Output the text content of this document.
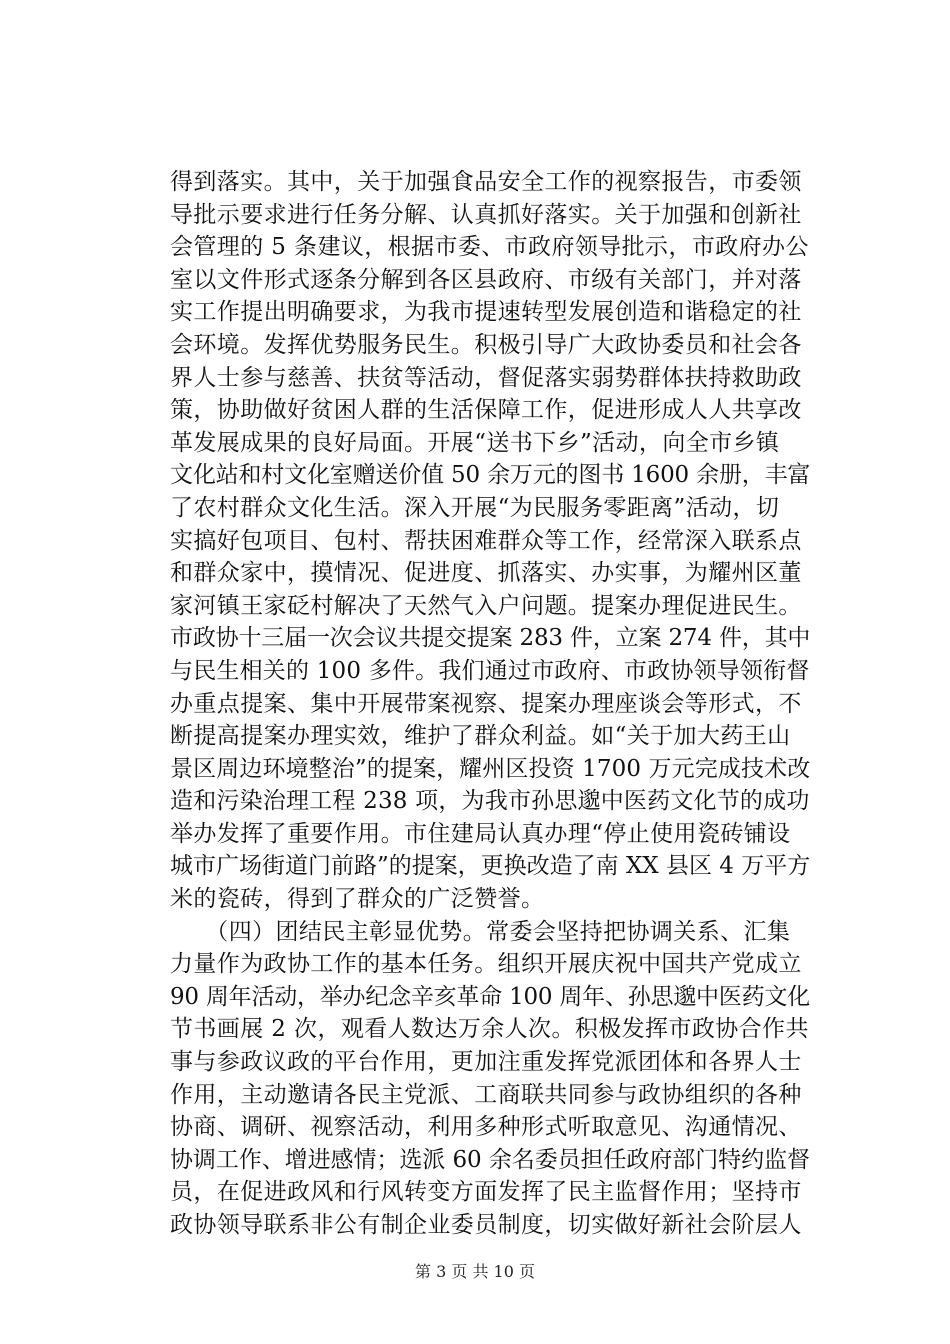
得到落实。其中，关于加强食品安全工作的视察报告，市委领
导批示要求进行任务分解、认真抓好落实。关于加强和创新社
会管理的 5 条建议，根据市委、市政府领导批示，市政府办公
室以文件形式逐条分解到各区县政府、市级有关部门，并对落
实工作提出明确要求，为我市提速转型发展创造和谐稳定的社
会环境。发挥优势服务民生。积极引导广大政协委员和社会各
界人士参与慈善、扶贫等活动，督促落实弱势群体扶持救助政
策，协助做好贫困人群的生活保障工作，促进形成人人共享改
革发展成果的良好局面。开展“送书下乡”活动，向全市乡镇
文化站和村文化室赠送价值 50 余万元的图书 1600 余册，丰富
了农村群众文化生活。深入开展“为民服务零距离”活动，切
实搞好包项目、包村、帮扶困难群众等工作，经常深入联系点
和群众家中，摸情况、促进度、抓落实、办实事，为耀州区董
家河镇王家砭村解决了天然气入户问题。提案办理促进民生。
市政协十三届一次会议共提交提案 283 件，立案 274 件，其中
与民生相关的 100 多件。我们通过市政府、市政协领导领衔督
办重点提案、集中开展带案视察、提案办理座谈会等形式，不
断提高提案办理实效，维护了群众利益。如“关于加大药王山
景区周边环境整治”的提案，耀州区投资 1700 万元完成技术改
造和污染治理工程 238 项，为我市孙思邈中医药文化节的成功
举办发挥了重要作用。市住建局认真办理“停止使用瓷砖铺设
城市广场街道门前路”的提案，更换改造了南 XX 县区 4 万平方
米的瓷砖，得到了群众的广泛赞誉。
　　（四）团结民主彰显优势。常委会坚持把协调关系、汇集
力量作为政协工作的基本任务。组织开展庆祝中国共产党成立
90 周年活动，举办纪念辛亥革命 100 周年、孙思邈中医药文化
节书画展 2 次，观看人数达万余人次。积极发挥市政协合作共
事与参政议政的平台作用，更加注重发挥党派团体和各界人士
作用，主动邀请各民主党派、工商联共同参与政协组织的各种
协商、调研、视察活动，利用多种形式听取意见、沟通情况、
协调工作、增进感情；选派 60 余名委员担任政府部门特约监督
员，在促进政风和行风转变方面发挥了民主监督作用；坚持市
政协领导联系非公有制企业委员制度，切实做好新社会阶层人
第 3 页 共 10 页
